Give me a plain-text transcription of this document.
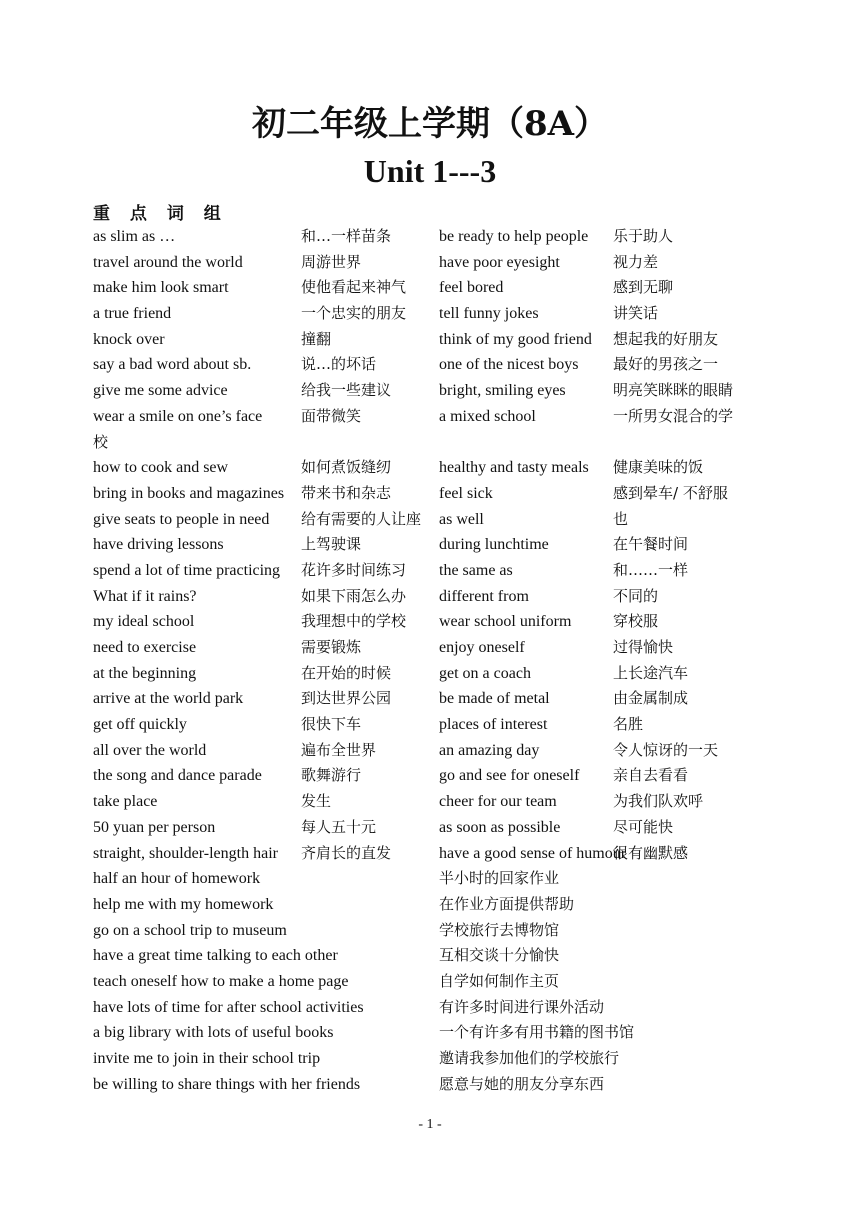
初二年级上学期（8A）
Unit 1---3
重 点 词 组
as slim as …	和…一样苗条	be ready to help people 乐于助人
travel around the world	周游世界	have poor eyesight	视力差
make him look smart	使他看起来神气 feel bored	感到无聊
a true friend	一个忠实的朋友 tell funny jokes	讲笑话
knock over	撞翻	think of my good friend 想起我的好朋友
say a bad word about sb.	说…的坏话	one of the nicest boys 最好的男孩之一
give me some advice	给我一些建议	bright, smiling eyes	明亮笑眯眯的眼睛
wear a smile on one’s face	面带微笑	a mixed school	一所男女混合的学
校
how to cook and sew	如何煮饭缝纫	healthy and tasty meals 健康美味的饭
bring in books and magazines 带来书和杂志	feel sick	感到晕车/ 不舒服
give seats to people in need 给有需要的人让座 as well	也
have driving lessons	上驾驶课	during lunchtime	在午餐时间
spend a lot of time practicing 花许多时间练习 the same as	和……一样
What if it rains?	如果下雨怎么办 different from	不同的
my ideal school	我理想中的学校 wear school uniform	穿校服
need to exercise	需要锻炼	enjoy oneself	过得愉快
at the beginning	在开始的时候	get on a coach	上长途汽车
arrive at the world park	到达世界公园	be made of metal	由金属制成
get off quickly	很快下车	places of interest	名胜
all over the world	遍布全世界	an amazing day	令人惊讶的一天
the song and dance parade	歌舞游行	go and see for oneself 亲自去看看
take place	发生	cheer for our team	为我们队欢呼
50 yuan per person	每人五十元	as soon as possible	尽可能快
straight, shoulder-length hair 齐肩长的直发	have a good sense of humour
很有幽默感
half an hour of homework	半小时的回家作业
help me with my homework	在作业方面提供帮助
go on a school trip to museum	学校旅行去博物馆
have a great time talking to each other	互相交谈十分愉快
teach oneself how to make a home page	自学如何制作主页
have lots of time for after school activities	有许多时间进行课外活动
a big library with lots of useful books	一个有许多有用书籍的图书馆
invite me to join in their school trip	邀请我参加他们的学校旅行
be willing to share things with her friends	愿意与她的朋友分享东西
- 1 -
